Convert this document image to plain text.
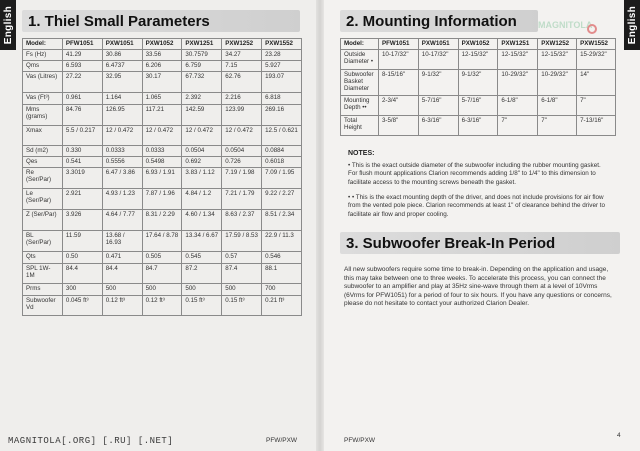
English	English
MAGNITOLA
1. Thiel Small Parameters
Model:	PFW1051	PXW1051	PXW1052	PXW1251	PXW1252	PXW1552
Fs (Hz)	41.29	30.86	33.56	30.7579	34.27	23.28
Qms	6.593	6.4737	6.206	6.759	7.15	5.927
Vas (Litres)	27.22	32.95	30.17	67.732	62.76	193.07
Vas (Ft³)	0.961	1.164	1.065	2.392	2.216	6.818
Mms (grams)	84.76	126.95	117.21	142.59	123.99	269.16
Xmax	5.5 / 0.217	12 / 0.472	12 / 0.472	12 / 0.472	12 / 0.472	12.5 / 0.621
Sd (m2)	0.330	0.0333	0.0333	0.0504	0.0504	0.0884
Qes	0.541	0.5556	0.5498	0.692	0.726	0.6018
Re (Ser/Par)	3.3019	6.47 / 3.86	6.93 / 1.91	3.83 / 1.12	7.19 / 1.98	7.09 / 1.95
Le (Ser/Par)	2.921	4.93 / 1.23	7.87 / 1.96	4.84 / 1.2	7.21 / 1.79	9.22 / 2.27
Z (Ser/Par)	3.926	4.64 / 7.77	8.31 / 2.29	4.60 / 1.34	8.63 / 2.37	8.51 / 2.34
BL (Ser/Par)	11.59	13.68 / 16.93	17.64 / 8.78	13.34 / 6.67	17.59 / 8.53	22.9 / 11.3
Qts	0.50	0.471	0.505	0.545	0.57	0.546
SPL 1W-1M	84.4	84.4	84.7	87.2	87.4	88.1
Prms	300	500	500	500	500	700
Subwoofer Vd	0.045 ft³	0.12 ft³	0.12 ft³	0.15 ft³	0.15 ft³	0.21 ft³
PFW/PXW
2. Mounting Information
Model:	PFW1051	PXW1051	PXW1052	PXW1251	PXW1252	PXW1552
Outside Diameter •	10-17/32"	10-17/32"	12-15/32"	12-15/32"	12-15/32"	15-29/32"
Subwoofer Basket Diameter	8-15/16"	9-1/32"	9-1/32"	10-29/32"	10-29/32"	14"
Mounting Depth ••	2-3/4"	5-7/16"	5-7/16"	6-1/8"	6-1/8"	7"
Total Height	3-5/8"	6-3/16"	6-3/16"	7"	7"	7-13/16"
NOTES:
• This is the exact outside diameter of the subwoofer including the rubber mounting gasket. For flush mount applications Clarion recommends adding 1/8" to 1/4" to this dimension to facilitate access to the mounting screws beneath the gasket.
• • This is the exact mounting depth of the driver, and does not include provisions for air flow from the vented pole piece. Clarion recommends at least 1" of clearance behind the driver to facilitate air flow and proper cooling.
3. Subwoofer Break-In Period
All new subwoofers require some time to break-in. Depending on the application and usage, this may take between one to three weeks. To accelerate this process, you can connect the subwoofer to an amplifier and play at 35Hz sine-wave through them at a level of 10Vrms (6Vrms for PFW1051) for a period of four to six hours. If you have any questions or concerns, please do not hesitate to contact your authorized Clarion Dealer.
PFW/PXW
4
MAGNITOLA[.ORG] [.RU] [.NET]
